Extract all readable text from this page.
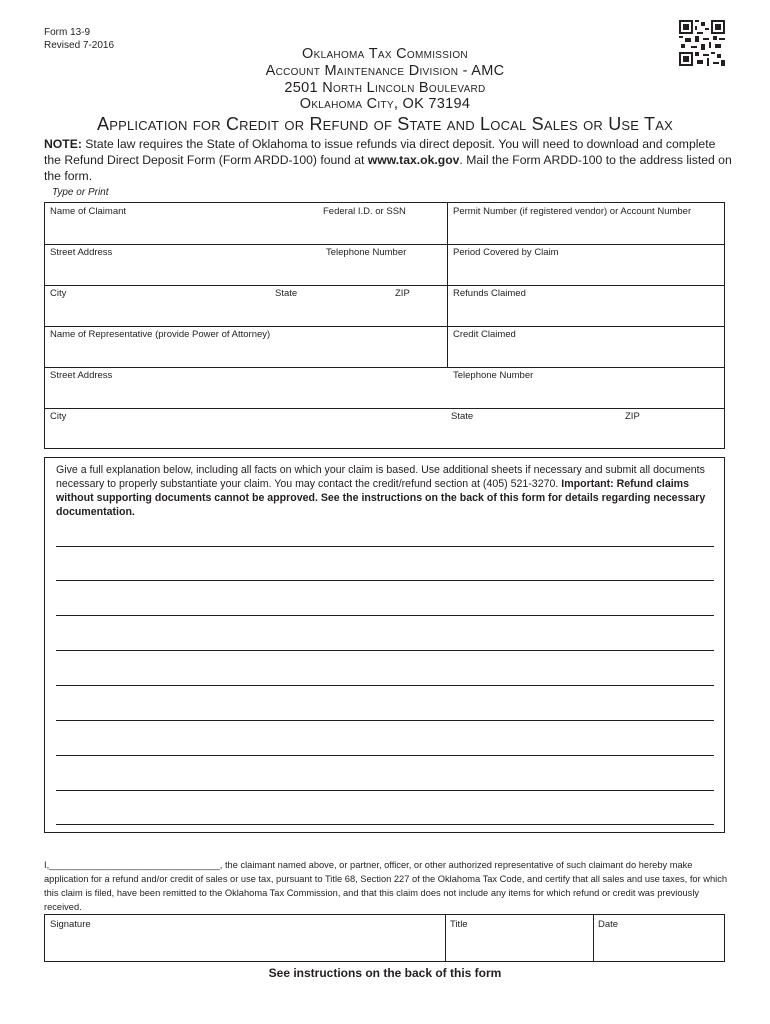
Form 13-9
Revised 7-2016
Oklahoma Tax Commission
Account Maintenance Division - AMC
2501 North Lincoln Boulevard
Oklahoma City, OK 73194
Application for Credit or Refund of State and Local Sales or Use Tax
NOTE: State law requires the State of Oklahoma to issue refunds via direct deposit. You will need to download and complete the Refund Direct Deposit Form (Form ARDD-100) found at www.tax.ok.gov. Mail the Form ARDD-100 to the address listed on the form.
Type or Print
Name of Claimant	Federal I.D. or SSN	Permit Number (if registered vendor) or Account Number
Street Address	Telephone Number	Period Covered by Claim
City	State	ZIP	Refunds Claimed
Name of Representative (provide Power of Attorney)	Credit Claimed
Street Address	Telephone Number
City	State	ZIP
Give a full explanation below, including all facts on which your claim is based. Use additional sheets if necessary and submit all documents necessary to properly substantiate your claim. You may contact the credit/refund section at (405) 521-3270. Important: Refund claims without supporting documents cannot be approved. See the instructions on the back of this form for details regarding necessary documentation.
I,_________________________________, the claimant named above, or partner, officer, or other authorized representative of such claimant do hereby make application for a refund and/or credit of sales or use tax, pursuant to Title 68, Section 227 of the Oklahoma Tax Code, and certify that all sales and use taxes, for which this claim is filed, have been remitted to the Oklahoma Tax Commission, and that this claim does not include any items for which refund or credit was previously received.
Signature	Title	Date
See instructions on the back of this form
